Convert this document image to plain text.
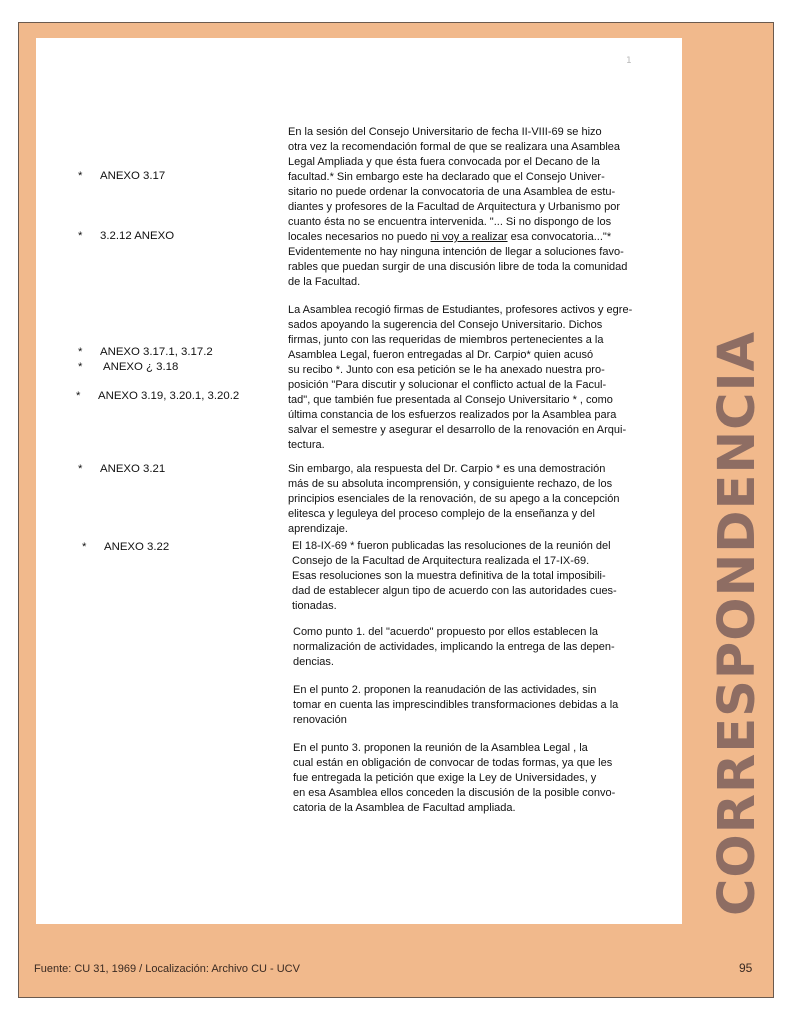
1
* ANEXO 3.17
* 3.2.12 ANEXO
* ANEXO 3.17.1, 3.17.2
* ANEXO ¿ 3.18
* ANEXO 3.19, 3.20.1, 3.20.2
* ANEXO 3.21
* ANEXO 3.22

En la sesión del Consejo Universitario de fecha II-VIII-69 se hizo

otra vez la recomendación formal de que se realizara una Asamblea

Legal Ampliada y que ésta fuera convocada por el Decano de la

facultad.* Sin embargo este ha declarado que el Consejo Univer-

sitario no puede ordenar la convocatoria de una Asamblea de estu-

diantes y profesores de la Facultad de Arquitectura y Urbanismo por

cuanto ésta no se encuentra intervenida. "... Si no dispongo de los

locales necesarios no puedo ni voy a realizar esa convocatoria..."*

Evidentemente no hay ninguna intención de llegar a soluciones favo-

rables que puedan surgir de una discusión libre de toda la comunidad

de la Facultad.

La Asamblea recogió firmas de Estudiantes, profesores activos y egre-

sados apoyando la sugerencia del Consejo Universitario. Dichos

firmas, junto con las requeridas de miembros pertenecientes a la

Asamblea Legal, fueron entregadas al Dr. Carpio* quien acusó

su recibo *. Junto con esa petición se le ha anexado nuestra pro-

posición "Para discutir y solucionar el conflicto actual de la Facul-

tad", que también fue presentada al Consejo Universitario * , como

última constancia de los esfuerzos realizados por la Asamblea para

salvar el semestre y asegurar el desarrollo de la renovación en Arqui-

tectura.

Sin embargo, ala respuesta del Dr. Carpio * es una demostración

más de su absoluta incomprensión, y consiguiente rechazo, de los

principios esenciales de la renovación, de su apego a la concepción

elitesca y leguleya del proceso complejo de la enseñanza y del

aprendizaje.

El 18-IX-69 * fueron publicadas las resoluciones de la reunión del

Consejo de la Facultad de Arquitectura realizada el 17-IX-69.

Esas resoluciones son la muestra definitiva de la total imposibili-

dad de establecer algun tipo de acuerdo con las autoridades cues-

tionadas.

Como punto 1. del "acuerdo" propuesto por ellos establecen la

normalización de actividades, implicando la entrega de las depen-

dencias.

En el punto 2. proponen la reanudación de las actividades, sin

tomar en cuenta las imprescindibles transformaciones debidas a la

renovación

En el punto 3. proponen la reunión de la Asamblea Legal , la

cual están en obligación de convocar de todas formas, ya que les

fue entregada la petición que exige la Ley de Universidades, y

en esa Asamblea ellos conceden la discusión de la posible convo-

catoria de la Asamblea de Facultad ampliada.	CORRESPONDENCIA
Fuente: CU 31, 1969 / Localización: Archivo CU - UCV	95
